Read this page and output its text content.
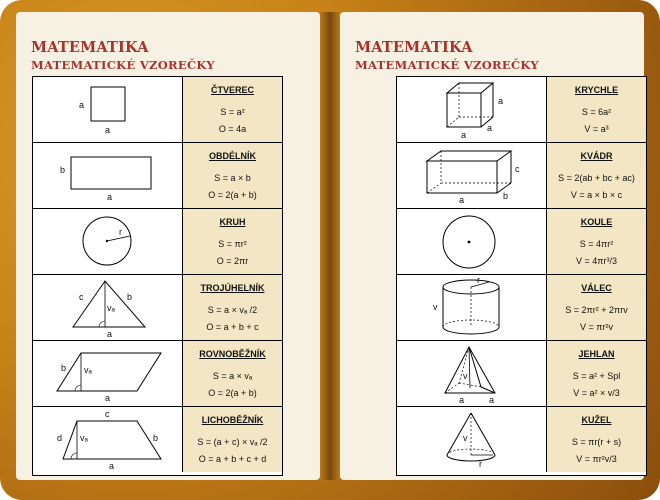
MATEMATIKA
MATEMATICKÉ VZOREČKY
a
a
ČTVEREC
S = a²
O = 4a
b
a
OBDÉLNÍK
S = a × b
O = 2(a + b)
r
KRUH
S = πr²
O = 2πr
c	b
vₐ
a
TROJÚHELNÍK
S = a × vₐ /2
O = a + b + c
b vₐ
a
ROVNOBĚŽNÍK
S = a × vₐ
O = 2(a + b)
c
d vₐ	b
a
LICHOBĚŽNÍK
S = (a + c) × vₐ /2
O = a + b + c + d
MATEMATIKA
MATEMATICKÉ VZOREČKY
a
a
a
KRYCHLE
S = 6a²
V = a³
c
a	b
KVÁDR
S = 2(ab + bc + ac)
V = a × b × c
KOULE
S = 4πr²
V = 4πr³/3
r
v
VÁLEC
S = 2πr² + 2πrv
V = πr²v
v
a	a
JEHLAN
S = a² + Spl
V = a² × v/3
v
r
KUŽEL
S = πr(r + s)
V = πr²v/3
